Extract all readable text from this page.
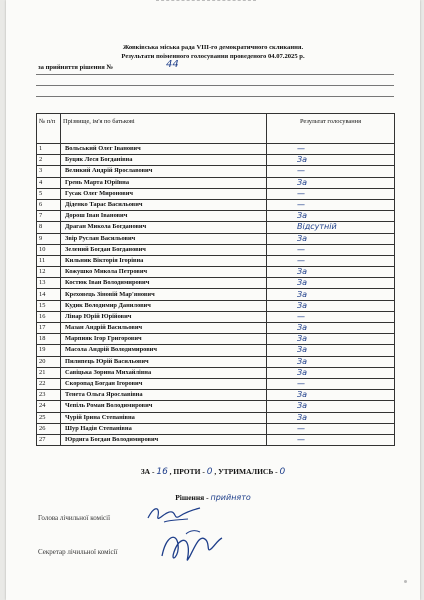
Жовківська міська рада VIII-го демократичного скликання.
Результати поіменного голосування проведеного 04.07.2025 р.
за прийняття рішення №	44
№ п/п	Прізвище, ім'я по батькові	Результат голосування
1	Вольський Олег Іванович	—
2	Буцяк Леся Богданівна	За
3	Великий Андрій Ярославович	—
4	Грень Марта Юріївна	За
5	Гусак Олег Миронович	—
6	Діденко Тарас Васильович	—
7	Дорош Іван Іванович	За
8	Драган Микола Богданович	Відсутній
9	Звір Руслан Васильович	За
10	Зелений Богдан Богданович	—
11	Кильник Вікторія Ігорівна	—
12	Кожушко Микола Петрович	За
13	Костюк Іван Володимирович	За
14	Креховець Зіновій Мар'янович	За
15	Кудик Володимир Данилович	За
16	Лінар Юрій Юрійович	—
17	Мазан Андрій Васильович	За
18	Марпияк Ігор Григорович	За
19	Масола Андрій Володимирович	За
20	Пилипець Юрій Васильович	За
21	Савіцька Зорина Михайлівна	За
22	Скоропад Богдан Ігорович	—
23	Тенета Ольга Ярославівна	За
24	Чепіль Роман Володимирович	За
25	Чурій Ірина Степанівна	За
26	Шур Надія Степанівна	—
27	Юрдига Богдан Володимирович	—
ЗА - 16 , ПРОТИ - 0 , УТРИМАЛИСЬ - 0
Рішення - прийнято
Голова лічильної комісії
Секретар лічильної комісії
